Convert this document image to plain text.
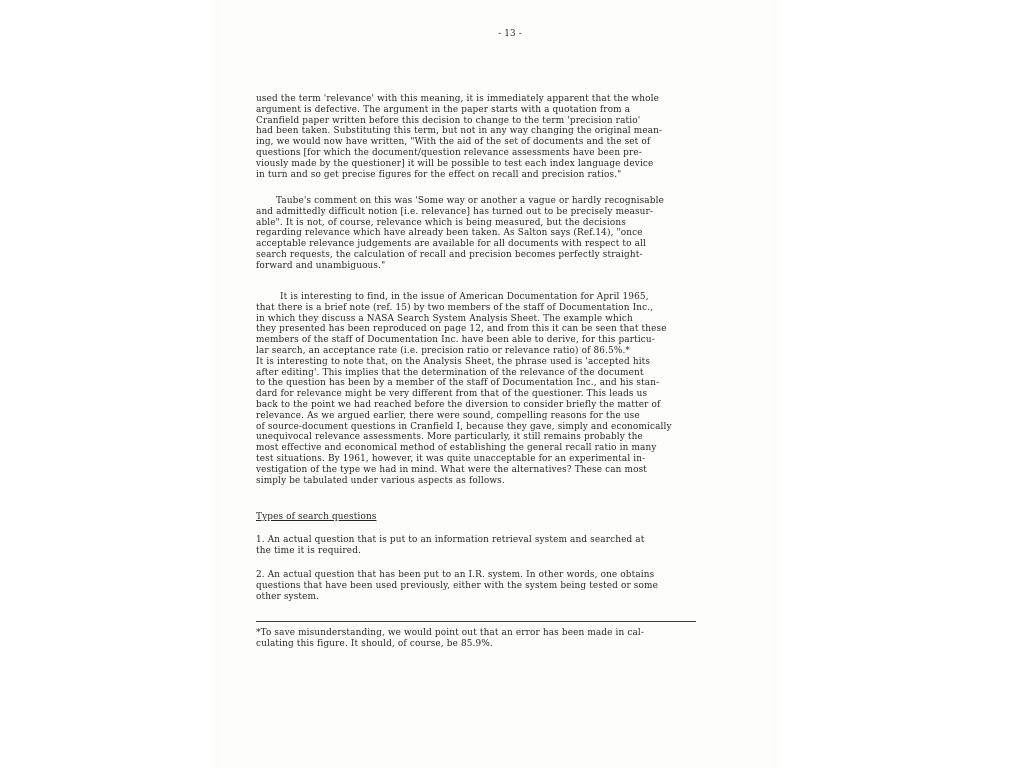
- 13 -
used the term 'relevance' with this meaning, it is immediately apparent that the whole
argument is defective. The argument in the paper starts with a quotation from a
Cranfield paper written before this decision to change to the term 'precision ratio'
had been taken. Substituting this term, but not in any way changing the original mean-
ing, we would now have written, "With the aid of the set of documents and the set of
questions [for which the document/question relevance assessments have been pre-
viously made by the questioner] it will be possible to test each index language device
in turn and so get precise figures for the effect on recall and precision ratios."
Taube's comment on this was 'Some way or another a vague or hardly recognisable
and admittedly difficult notion [i.e. relevance] has turned out to be precisely measur-
able". It is not, of course, relevance which is being measured, but the decisions
regarding relevance which have already been taken. As Salton says (Ref.14), "once
acceptable relevance judgements are available for all documents with respect to all
search requests, the calculation of recall and precision becomes perfectly straight-
forward and unambiguous."
It is interesting to find, in the issue of American Documentation for April 1965,
that there is a brief note (ref. 15) by two members of the staff of Documentation Inc.,
in which they discuss a NASA Search System Analysis Sheet. The example which
they presented has been reproduced on page 12, and from this it can be seen that these
members of the staff of Documentation Inc. have been able to derive, for this particu-
lar search, an acceptance rate (i.e. precision ratio or relevance ratio) of 86.5%.*
It is interesting to note that, on the Analysis Sheet, the phrase used is 'accepted hits
after editing'. This implies that the determination of the relevance of the document
to the question has been by a member of the staff of Documentation Inc., and his stan-
dard for relevance might be very different from that of the questioner. This leads us
back to the point we had reached before the diversion to consider briefly the matter of
relevance. As we argued earlier, there were sound, compelling reasons for the use
of source-document questions in Cranfield I, because they gave, simply and economically
unequivocal relevance assessments. More particularly, it still remains probably the
most effective and economical method of establishing the general recall ratio in many
test situations. By 1961, however, it was quite unacceptable for an experimental in-
vestigation of the type we had in mind. What were the alternatives? These can most
simply be tabulated under various aspects as follows.
Types of search questions
1. An actual question that is put to an information retrieval system and searched at
the time it is required.
2. An actual question that has been put to an I.R. system. In other words, one obtains
questions that have been used previously, either with the system being tested or some
other system.
*To save misunderstanding, we would point out that an error has been made in cal-
culating this figure. It should, of course, be 85.9%.
